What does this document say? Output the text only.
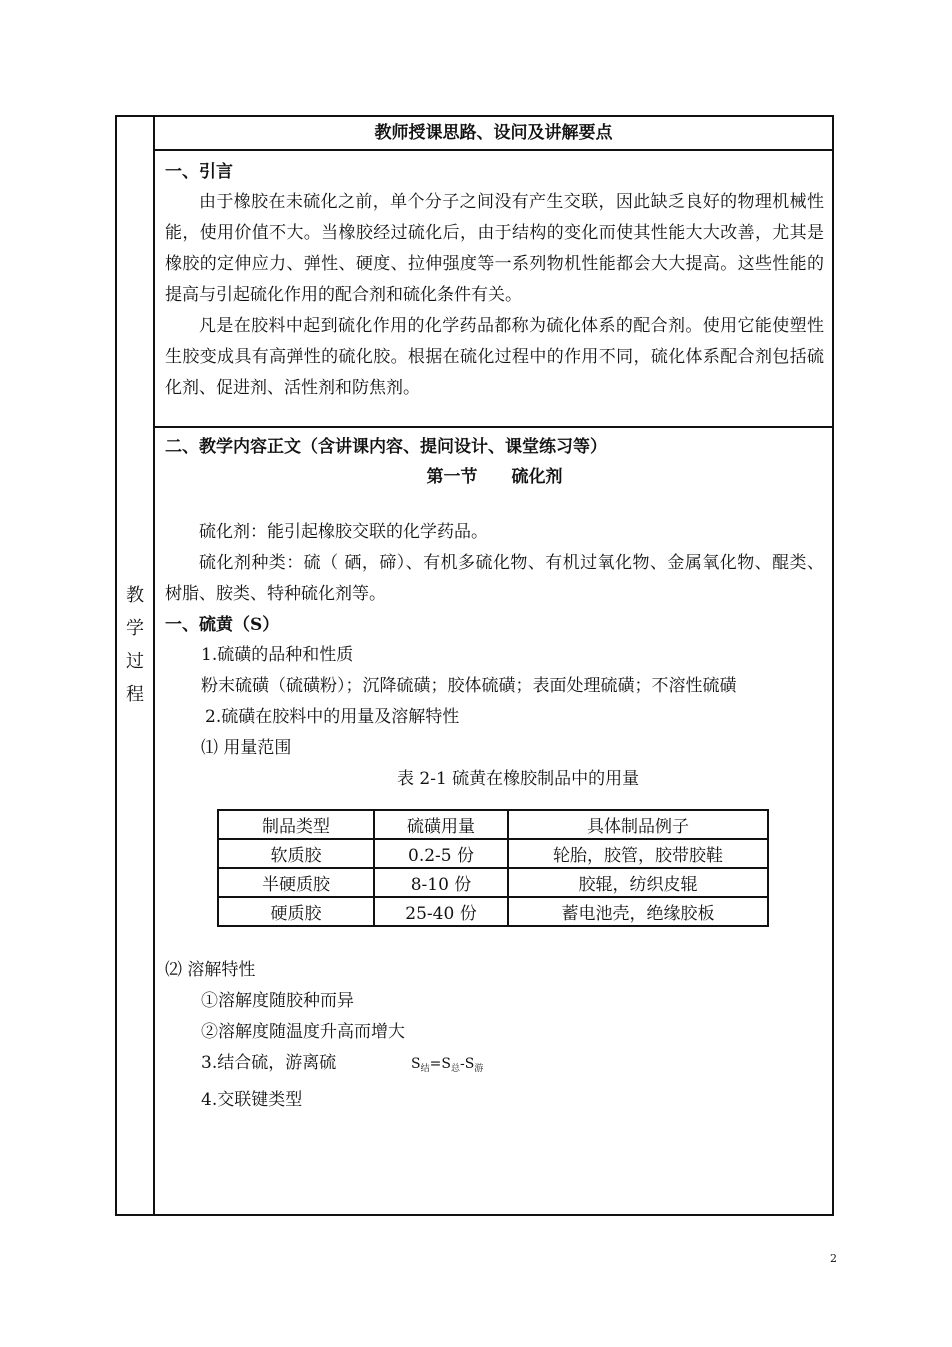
教
学
过
程
教师授课思路、设问及讲解要点
一、引言

由于橡胶在未硫化之前，单个分子之间没有产生交联，因此缺乏良好的物理机械性能，使用价值不大。当橡胶经过硫化后，由于结构的变化而使其性能大大改善，尤其是橡胶的定伸应力、弹性、硬度、拉伸强度等一系列物机性能都会大大提高。这些性能的提高与引起硫化作用的配合剂和硫化条件有关。

凡是在胶料中起到硫化作用的化学药品都称为硫化体系的配合剂。使用它能使塑性生胶变成具有高弹性的硫化胶。根据在硫化过程中的作用不同，硫化体系配合剂包括硫化剂、促进剂、活性剂和防焦剂。

二、教学内容正文（含讲课内容、提问设计、课堂练习等）
第一节　　硫化剂

硫化剂：能引起橡胶交联的化学药品。

硫化剂种类：硫（ 硒，碲）、有机多硫化物、有机过氧化物、金属氧化物、醌类、 树脂、胺类、特种硫化剂等。

一、硫黄（S）
1.硫磺的品种和性质
粉末硫磺（硫磺粉）；沉降硫磺；胶体硫磺；表面处理硫磺；不溶性硫磺
2.硫磺在胶料中的用量及溶解特性
⑴ 用量范围
表 2-1 硫黄在橡胶制品中的用量
制品类型	硫磺用量	具体制品例子
软质胶	0.2-5 份	轮胎，胶管，胶带胶鞋
半硬质胶	8-10 份	胶辊，纺织皮辊
硬质胶	25-40 份	蓄电池壳，绝缘胶板
⑵ 溶解特性
①溶解度随胶种而异
②溶解度随温度升高而增大
3.结合硫，游离硫	$S_结=S_总-S_游$
4.交联键类型
2
